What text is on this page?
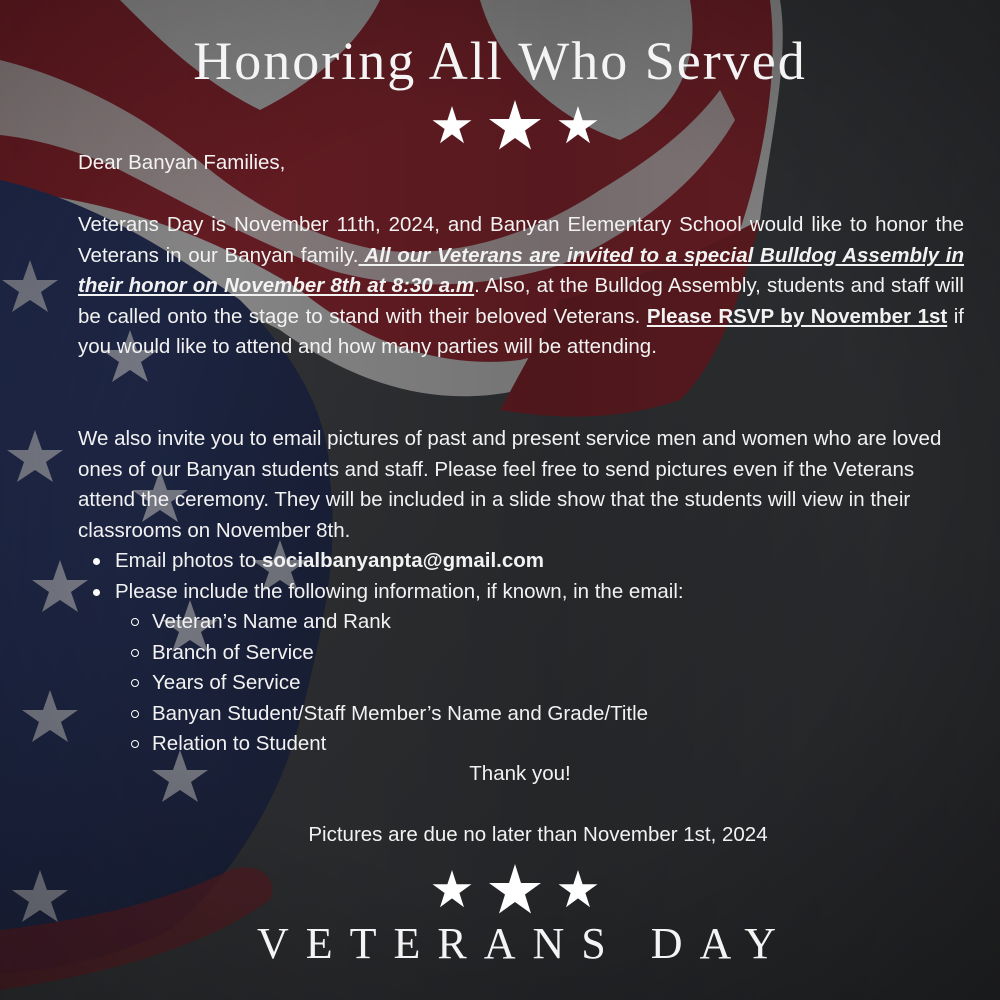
Honoring All Who Served
Dear Banyan Families,
Veterans Day is November 11th, 2024, and Banyan Elementary School would like to honor the Veterans in our Banyan family. All our Veterans are invited to a special Bulldog Assembly in their honor on November 8th at 8:30 a.m. Also, at the Bulldog Assembly, students and staff will be called onto the stage to stand with their beloved Veterans. Please RSVP by November 1st if you would like to attend and how many parties will be attending.
We also invite you to email pictures of past and present service men and women who are loved ones of our Banyan students and staff. Please feel free to send pictures even if the Veterans attend the ceremony. They will be included in a slide show that the students will view in their classrooms on November 8th.
Email photos to socialbanyanpta@gmail.com
Please include the following information, if known, in the email:
Veteran’s Name and Rank
Branch of Service
Years of Service
Banyan Student/Staff Member’s Name and Grade/Title
Relation to Student
Thank you!
Pictures are due no later than November 1st, 2024
VETERANS DAY
